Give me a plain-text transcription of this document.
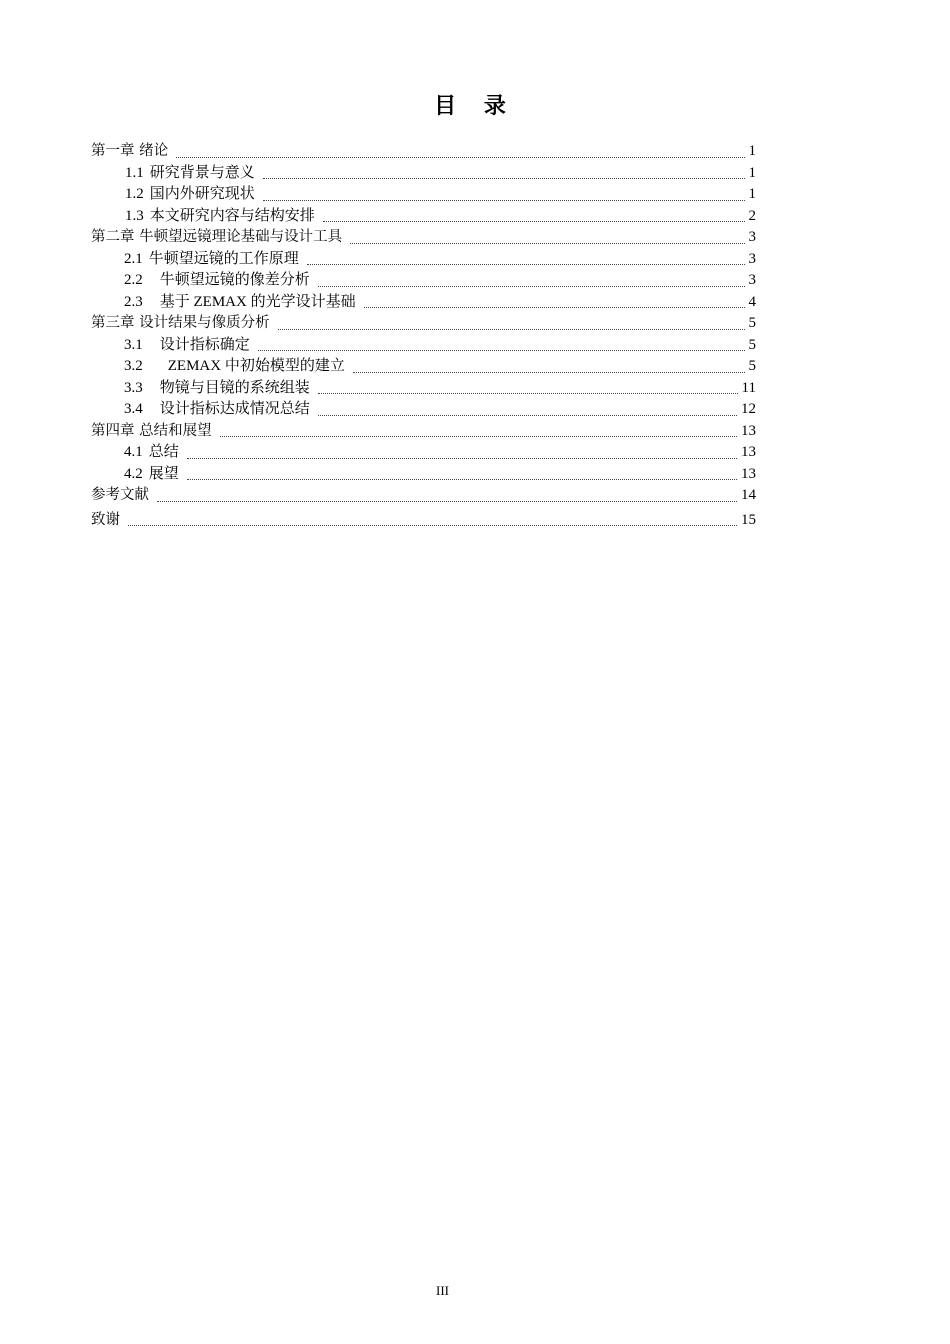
目 录
第一章 绪论	1
1.1 研究背景与意义	1
1.2 国内外研究现状	1
1.3 本文研究内容与结构安排	2
第二章 牛顿望远镜理论基础与设计工具	3
2.1 牛顿望远镜的工作原理	3
2.2 牛顿望远镜的像差分析	3
2.3 基于 ZEMAX 的光学设计基础	4
第三章 设计结果与像质分析	5
3.1 设计指标确定	5
3.2 ZEMAX 中初始模型的建立	5
3.3 物镜与目镜的系统组装	11
3.4 设计指标达成情况总结	12
第四章 总结和展望	13
4.1 总结	13
4.2 展望	13
参考文献	14
致谢	15
III
